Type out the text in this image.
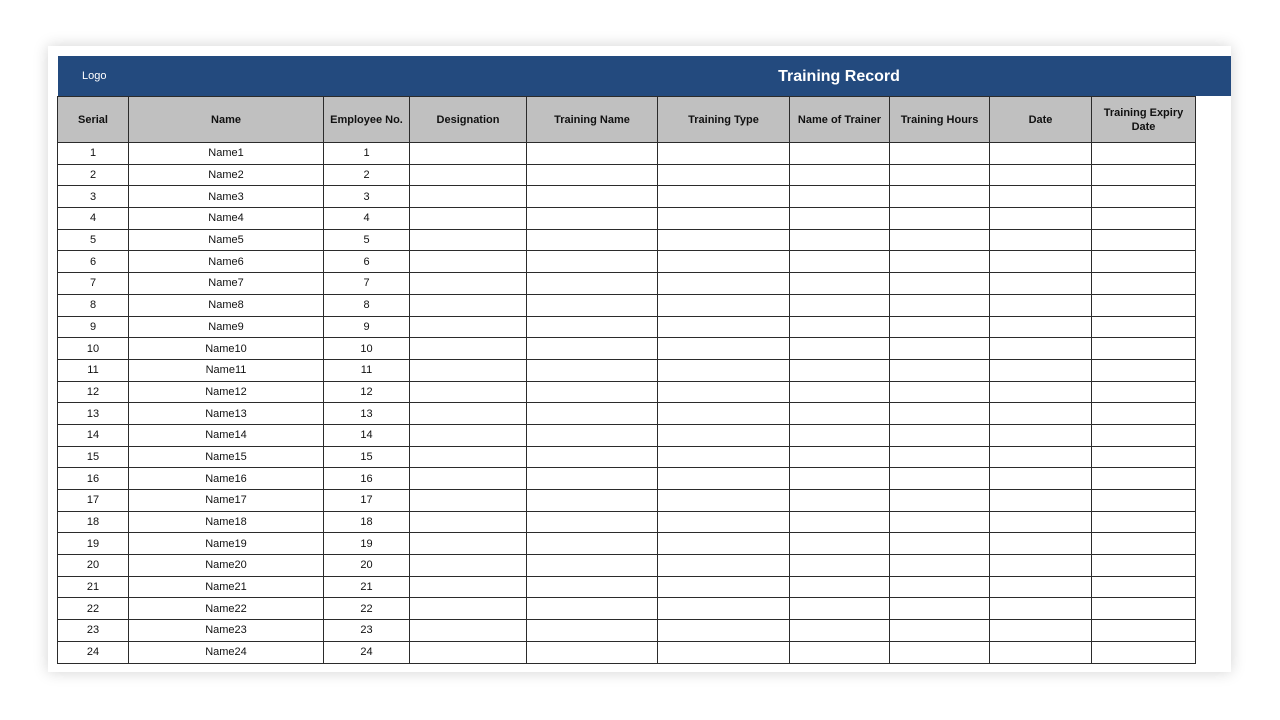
Logo	Training Record
Serial	Name	Employee No.	Designation	Training Name	Training Type	Name of Trainer	Training Hours	Date	Training Expiry Date
1	Name1	1							
2	Name2	2							
3	Name3	3							
4	Name4	4							
5	Name5	5							
6	Name6	6							
7	Name7	7							
8	Name8	8							
9	Name9	9							
10	Name10	10							
11	Name11	11							
12	Name12	12							
13	Name13	13							
14	Name14	14							
15	Name15	15							
16	Name16	16							
17	Name17	17							
18	Name18	18							
19	Name19	19							
20	Name20	20							
21	Name21	21							
22	Name22	22							
23	Name23	23							
24	Name24	24							
